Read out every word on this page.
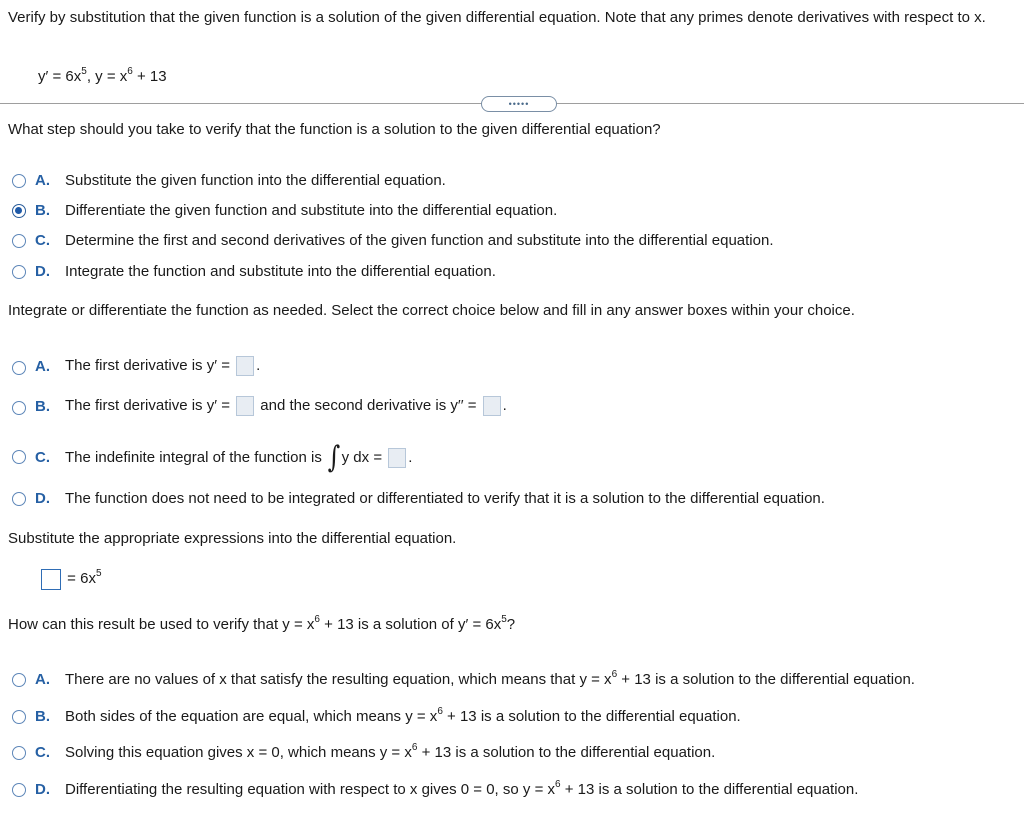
Verify by substitution that the given function is a solution of the given differential equation. Note that any primes denote derivatives with respect to x.
$y' = 6x^5$, $y = x^6 + 13$
•••••
What step should you take to verify that the function is a solution to the given differential equation?
A. Substitute the given function into the differential equation.
B. Differentiate the given function and substitute into the differential equation.
C. Determine the first and second derivatives of the given function and substitute into the differential equation.
D. Integrate the function and substitute into the differential equation.
Integrate or differentiate the function as needed. Select the correct choice below and fill in any answer boxes within your choice.
A. The first derivative is y′ = .
B. The first derivative is y′ = and the second derivative is y′′ = .
C. The indefinite integral of the function is ∫ y dx = .
D. The function does not need to be integrated or differentiated to verify that it is a solution to the differential equation.
Substitute the appropriate expressions into the differential equation.
= $6x^5$
How can this result be used to verify that $y = x^6 + 13$ is a solution of $y' = 6x^5$?
A. There are no values of x that satisfy the resulting equation, which means that $y = x^6 + 13$ is a solution to the differential equation.
B. Both sides of the equation are equal, which means $y = x^6 + 13$ is a solution to the differential equation.
C. Solving this equation gives x = 0, which means $y = x^6 + 13$ is a solution to the differential equation.
D. Differentiating the resulting equation with respect to x gives 0 = 0, so $y = x^6 + 13$ is a solution to the differential equation.
